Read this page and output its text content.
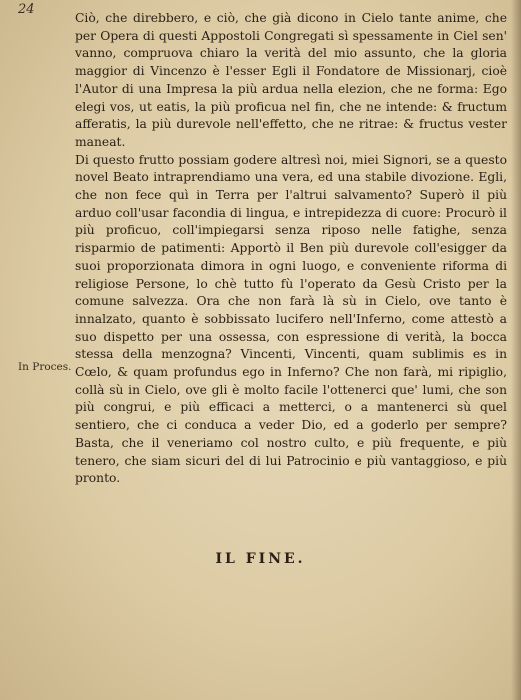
24

Ciò, che direbbero, e ciò, che già dicono in Cielo tante anime, che per Opera di questi Appostoli Congregati sì spessamente in Ciel sen' vanno, compruova chiaro la verità del mio assunto, che la gloria maggior di Vincenzo è l'esser Egli il Fondatore de Missionarj, cioè l'Autor di una Impresa la più ardua nella elezion, che ne forma: Ego elegi vos, ut eatis, la più proficua nel fin, che ne intende: & fructum afferatis, la più durevole nell'effetto, che ne ritrae: & fructus vester maneat.

Di questo frutto possiam godere altresì noi, miei Signori, se a questo novel Beato intraprendiamo una vera, ed una stabile divozione. Egli, che non fece quì in Terra per l'altrui salvamento? Superò il più arduo coll'usar facondia di lingua, e intrepidezza di cuore: Procurò il più proficuo, coll'impiegarsi senza riposo nelle fatighe, senza risparmio de patimenti: Apportò il Ben più durevole coll'esigger da suoi proporzionata dimora in ogni luogo, e conveniente riforma di religiose Persone, lo chè tutto fù l'operato da Gesù Cristo per la comune salvezza. Ora che non farà là sù in Cielo, ove tanto è innalzato, quanto è sobbissato lucifero nell'Inferno, come attestò a suo dispetto per una ossessa, con espressione di verità, la bocca stessa della menzogna? Vincenti, Vincenti, quam sublimis es in Cœlo, & quam profundus ego in Inferno? Che non farà, mi ripiglio, collà sù in Cielo, ove gli è molto facile l'ottenerci que' lumi, che son più congrui, e più efficaci a metterci, o a mantenerci sù quel sentiero, che ci conduca a veder Dio, ed a goderlo per sempre? Basta, che il veneriamo col nostro culto, e più frequente, e più tenero, che siam sicuri del di lui Patrocinio e più vantaggioso, e più pronto.

In Proces.
IL FINE.
